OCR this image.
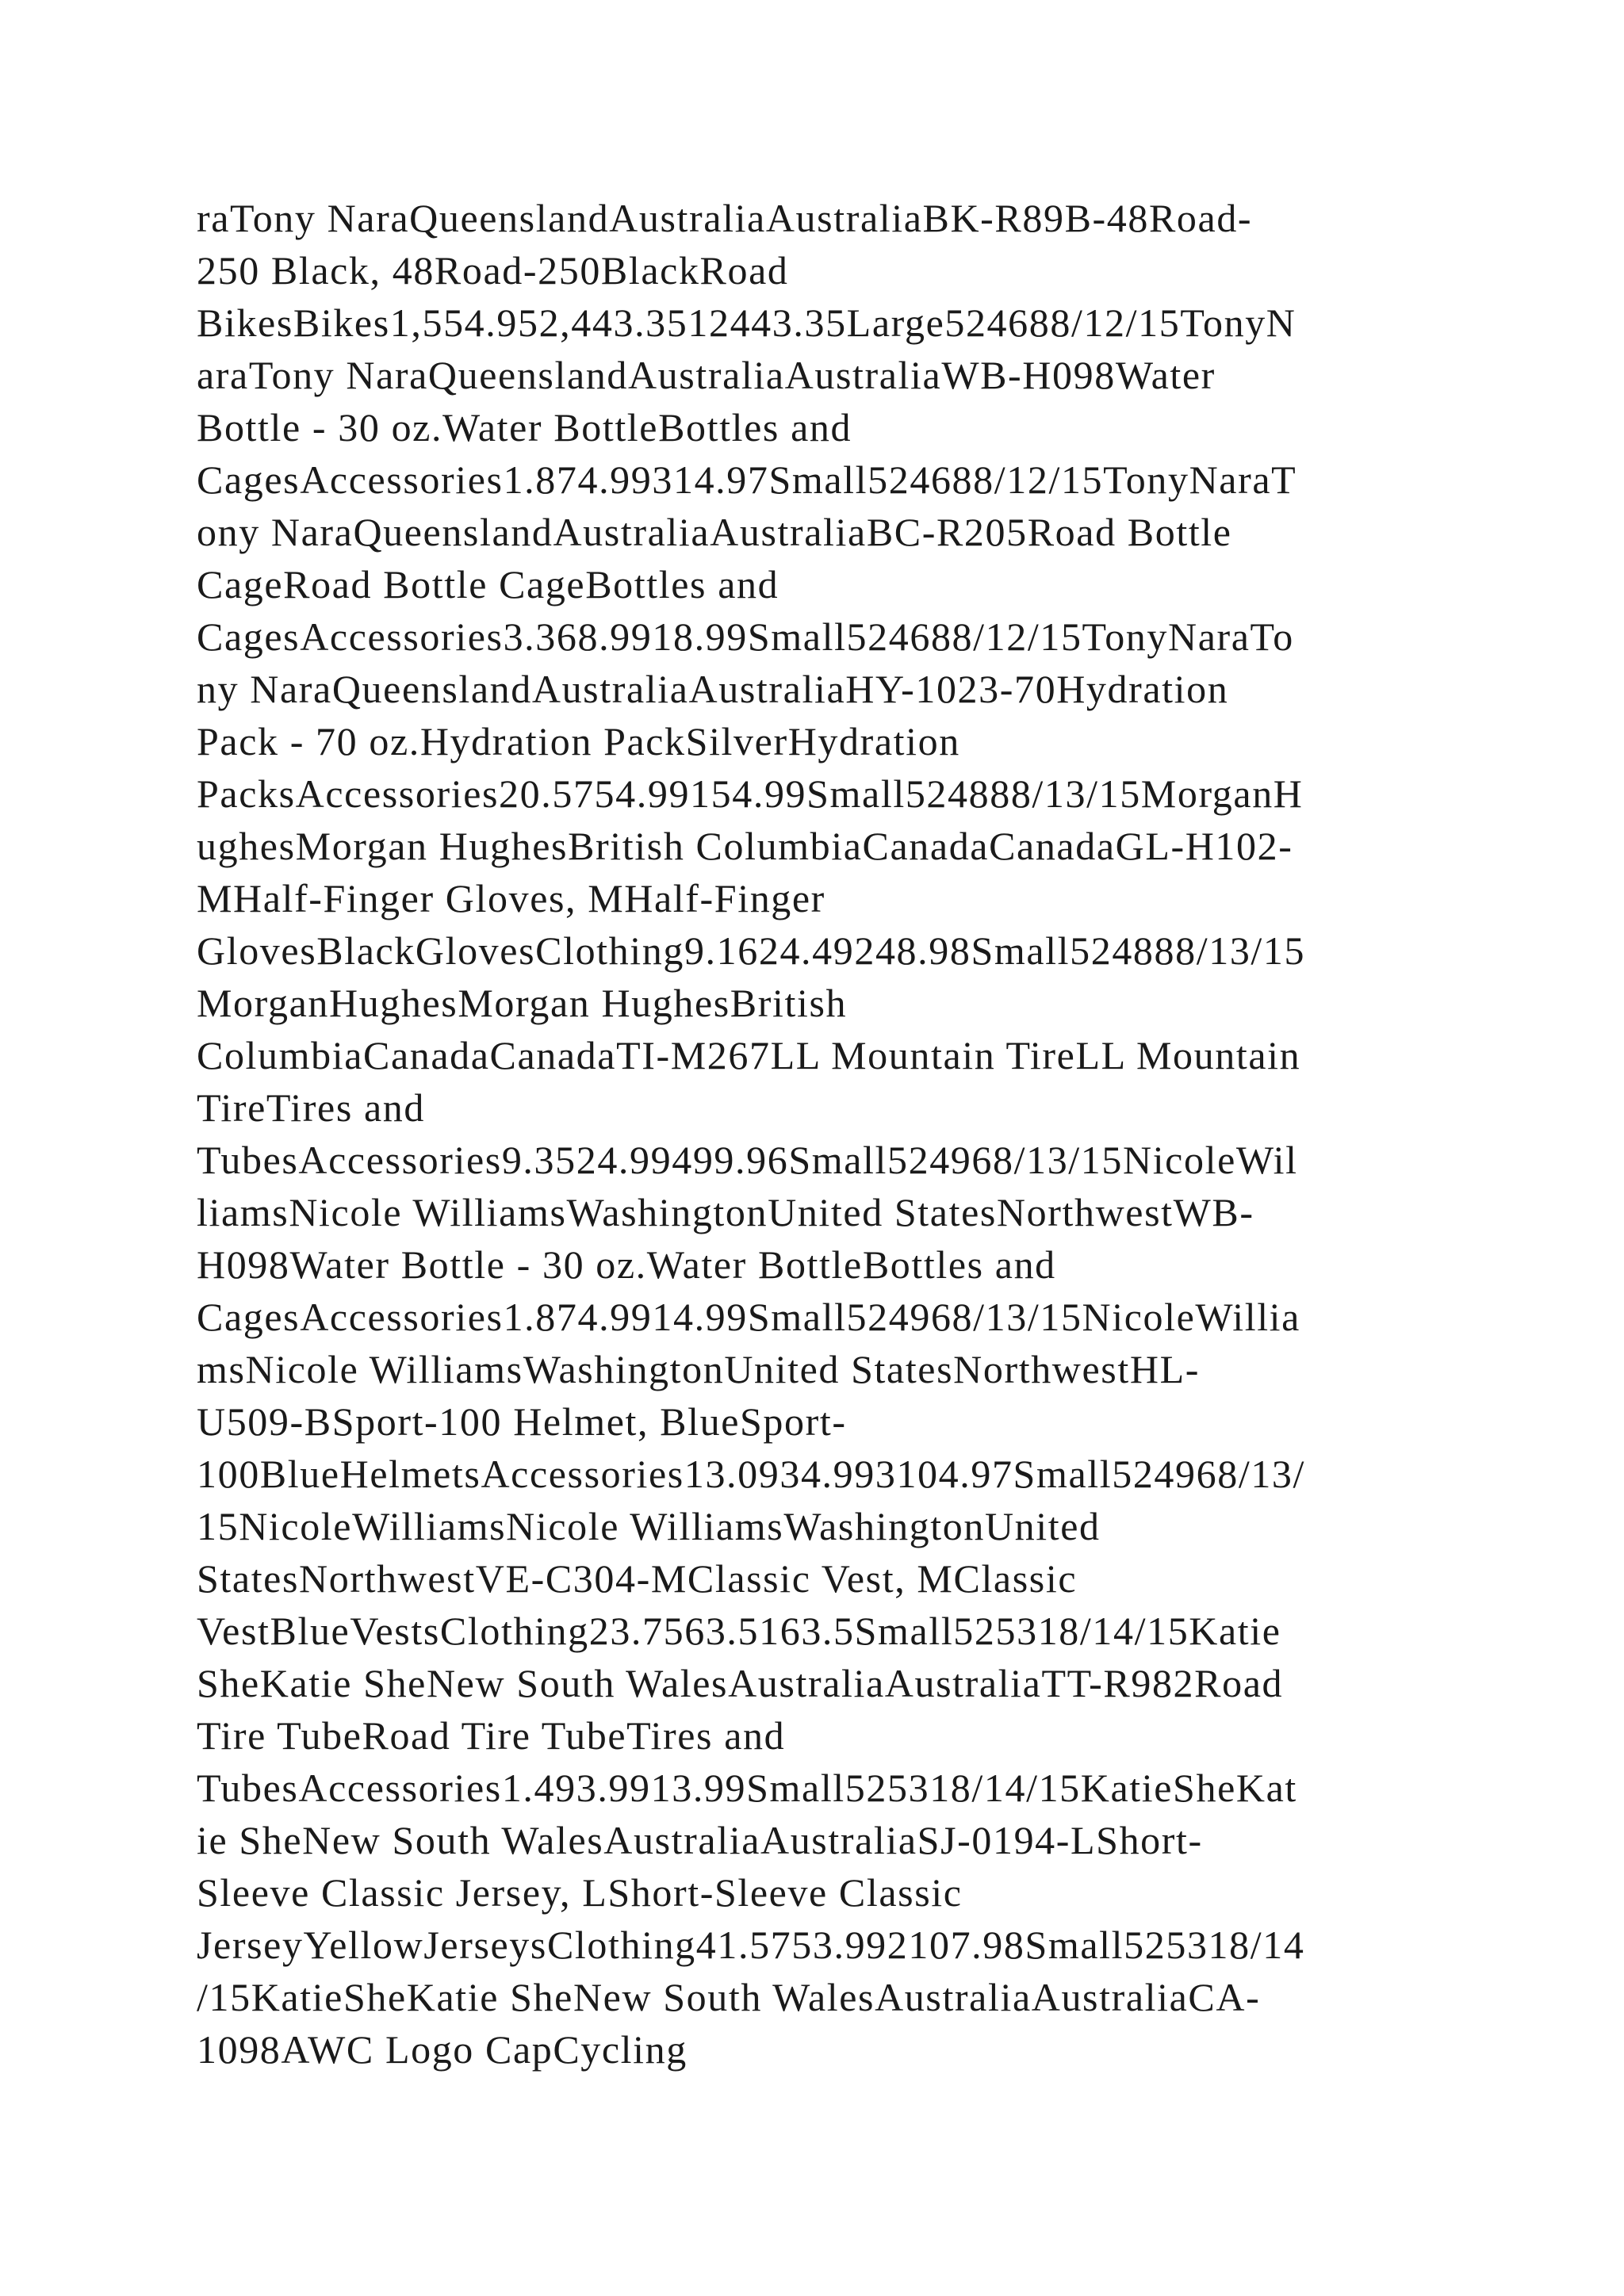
raTony NaraQueenslandAustraliaAustraliaBK-R89B-48Road-
250 Black, 48Road-250BlackRoad
BikesBikes1,554.952,443.3512443.35Large524688/12/15TonyN
araTony NaraQueenslandAustraliaAustraliaWB-H098Water
Bottle - 30 oz.Water BottleBottles and
CagesAccessories1.874.99314.97Small524688/12/15TonyNaraT
ony NaraQueenslandAustraliaAustraliaBC-R205Road Bottle
CageRoad Bottle CageBottles and
CagesAccessories3.368.9918.99Small524688/12/15TonyNaraTo
ny NaraQueenslandAustraliaAustraliaHY-1023-70Hydration
Pack - 70 oz.Hydration PackSilverHydration
PacksAccessories20.5754.99154.99Small524888/13/15MorganH
ughesMorgan HughesBritish ColumbiaCanadaCanadaGL-H102-
MHalf-Finger Gloves, MHalf-Finger
GlovesBlackGlovesClothing9.1624.49248.98Small524888/13/15
MorganHughesMorgan HughesBritish
ColumbiaCanadaCanadaTI-M267LL Mountain TireLL Mountain
TireTires and
TubesAccessories9.3524.99499.96Small524968/13/15NicoleWil
liamsNicole WilliamsWashingtonUnited StatesNorthwestWB-
H098Water Bottle - 30 oz.Water BottleBottles and
CagesAccessories1.874.9914.99Small524968/13/15NicoleWillia
msNicole WilliamsWashingtonUnited StatesNorthwestHL-
U509-BSport-100 Helmet, BlueSport-
100BlueHelmetsAccessories13.0934.993104.97Small524968/13/
15NicoleWilliamsNicole WilliamsWashingtonUnited
StatesNorthwestVE-C304-MClassic Vest, MClassic
VestBlueVestsClothing23.7563.5163.5Small525318/14/15Katie
SheKatie SheNew South WalesAustraliaAustraliaTT-R982Road
Tire TubeRoad Tire TubeTires and
TubesAccessories1.493.9913.99Small525318/14/15KatieSheKat
ie SheNew South WalesAustraliaAustraliaSJ-0194-LShort-
Sleeve Classic Jersey, LShort-Sleeve Classic
JerseyYellowJerseysClothing41.5753.992107.98Small525318/14
/15KatieSheKatie SheNew South WalesAustraliaAustraliaCA-
1098AWC Logo CapCycling
